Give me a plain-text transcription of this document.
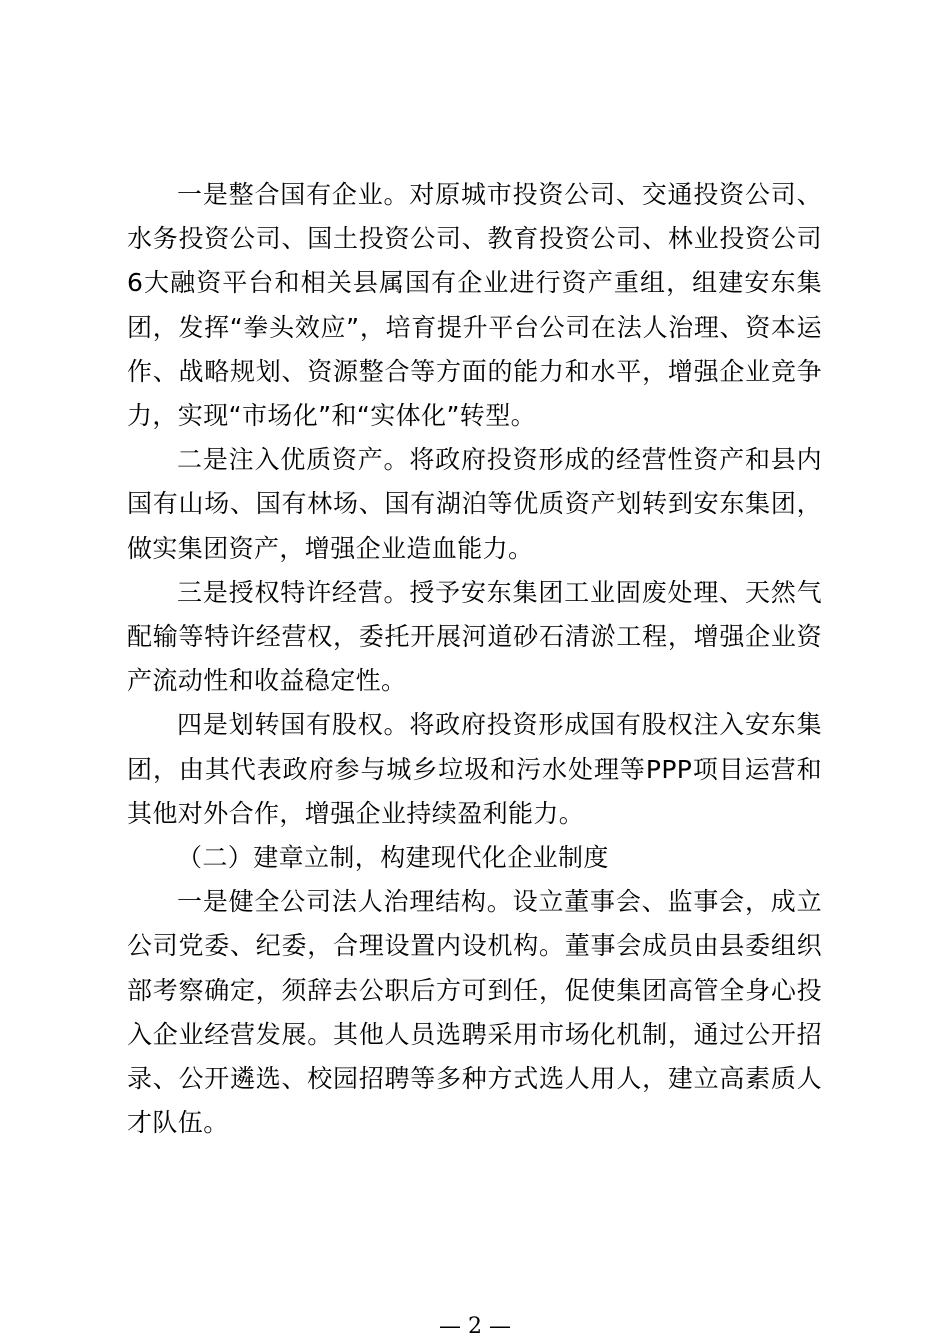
一是整合国有企业。对原城市投资公司、交通投资公司、水务投资公司、国土投资公司、教育投资公司、林业投资公司6大融资平台和相关县属国有企业进行资产重组，组建安东集团，发挥“拳头效应”，培育提升平台公司在法人治理、资本运作、战略规划、资源整合等方面的能力和水平，增强企业竞争力，实现“市场化”和“实体化”转型。

二是注入优质资产。将政府投资形成的经营性资产和县内国有山场、国有林场、国有湖泊等优质资产划转到安东集团，做实集团资产，增强企业造血能力。

三是授权特许经营。授予安东集团工业固废处理、天然气配输等特许经营权，委托开展河道砂石清淤工程，增强企业资产流动性和收益稳定性。

四是划转国有股权。将政府投资形成国有股权注入安东集团，由其代表政府参与城乡垃圾和污水处理等PPP项目运营和其他对外合作，增强企业持续盈利能力。

（二）建章立制，构建现代化企业制度

一是健全公司法人治理结构。设立董事会、监事会，成立公司党委、纪委，合理设置内设机构。董事会成员由县委组织部考察确定，须辞去公职后方可到任，促使集团高管全身心投入企业经营发展。其他人员选聘采用市场化机制，通过公开招录、公开遴选、校园招聘等多种方式选人用人，建立高素质人才队伍。

— 2 —
